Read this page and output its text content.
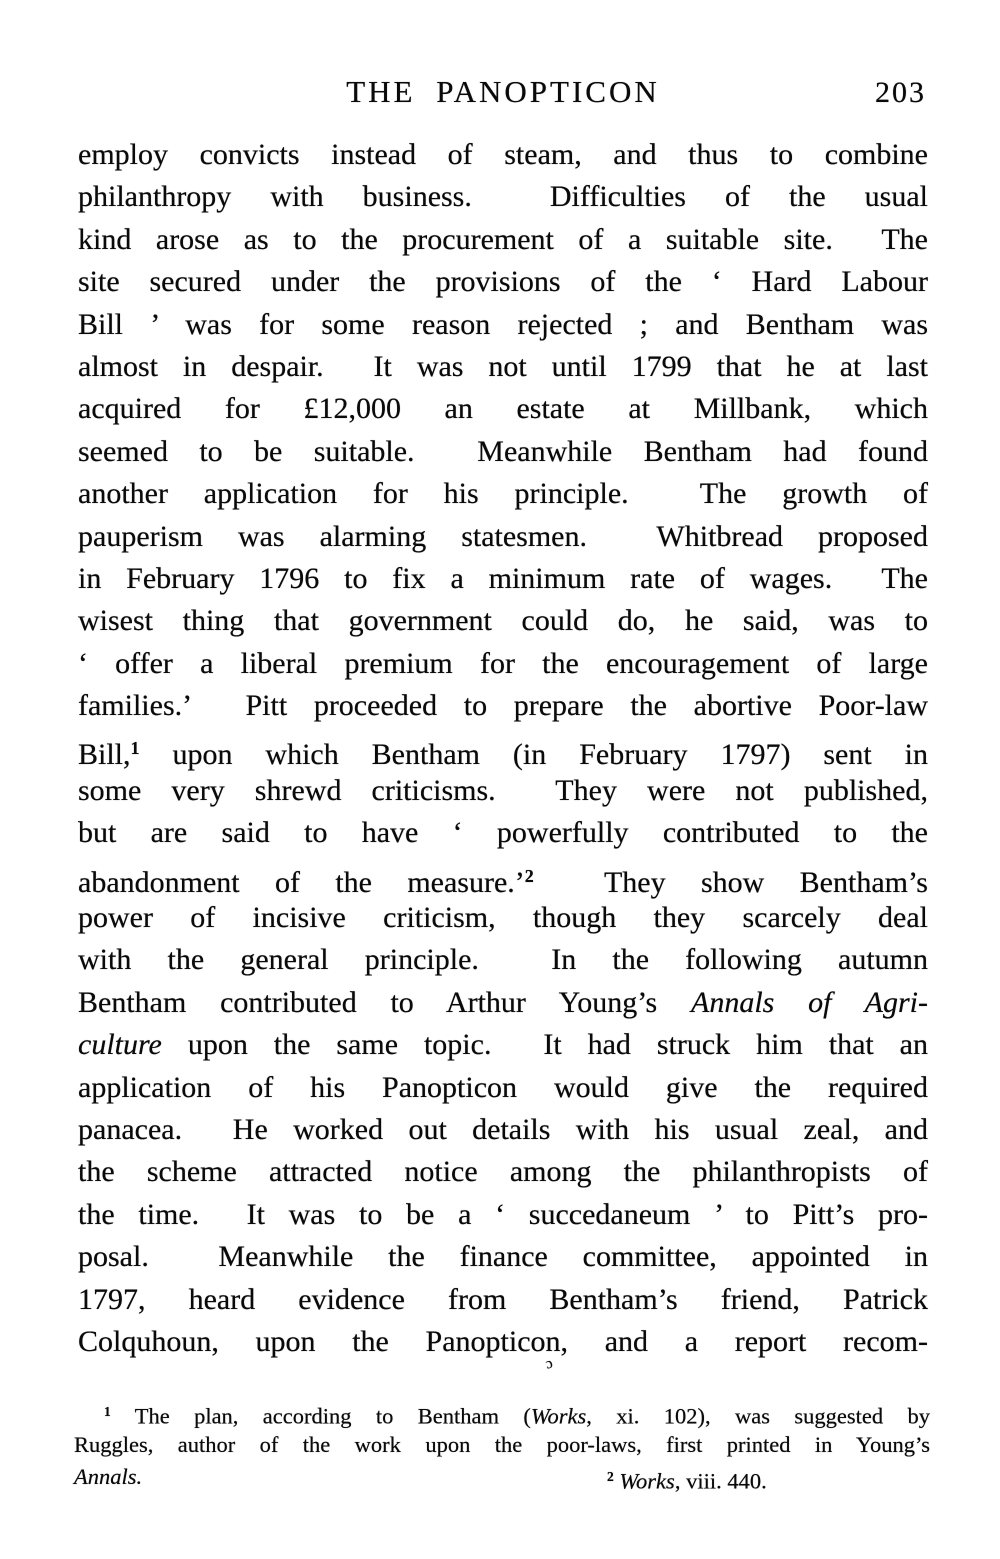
THE PANOPTICON	203
employ convicts instead of steam, and thus to combine
philanthropy with business.  Difficulties of the usual
kind arose as to the procurement of a suitable site.  The
site secured under the provisions of the ‘ Hard Labour
Bill ’ was for some reason rejected ; and Bentham was
almost in despair.  It was not until 1799 that he at last
acquired for £12,000 an estate at Millbank, which
seemed to be suitable.  Meanwhile Bentham had found
another application for his principle.  The growth of
pauperism was alarming statesmen.  Whitbread proposed
in February 1796 to fix a minimum rate of wages.  The
wisest thing that government could do, he said, was to
‘ offer a liberal premium for the encouragement of large
families.’  Pitt proceeded to prepare the abortive Poor-law
Bill,$^1$ upon which Bentham (in February 1797) sent in
some very shrewd criticisms.  They were not published,
but are said to have ‘ powerfully contributed to the
abandonment of the measure.’$^2$  They show Bentham’s
power of incisive criticism, though they scarcely deal
with the general principle.  In the following autumn
Bentham contributed to Arthur Young’s Annals of Agri-
culture upon the same topic.  It had struck him that an
application of his Panopticon would give the required
panacea.  He worked out details with his usual zeal, and
the scheme attracted notice among the philanthropists of
the time.  It was to be a ‘ succedaneum ’ to Pitt’s pro-
posal.  Meanwhile the finance committee, appointed in
1797, heard evidence from Bentham’s friend, Patrick
Colquhoun, upon the Panopticon, and a report recom-
ɔ
$^1$ The plan, according to Bentham (Works, xi. 102), was suggested by
Ruggles, author of the work upon the poor-laws, first printed in Young’s
Annals.	$^2$ Works, viii. 440.
